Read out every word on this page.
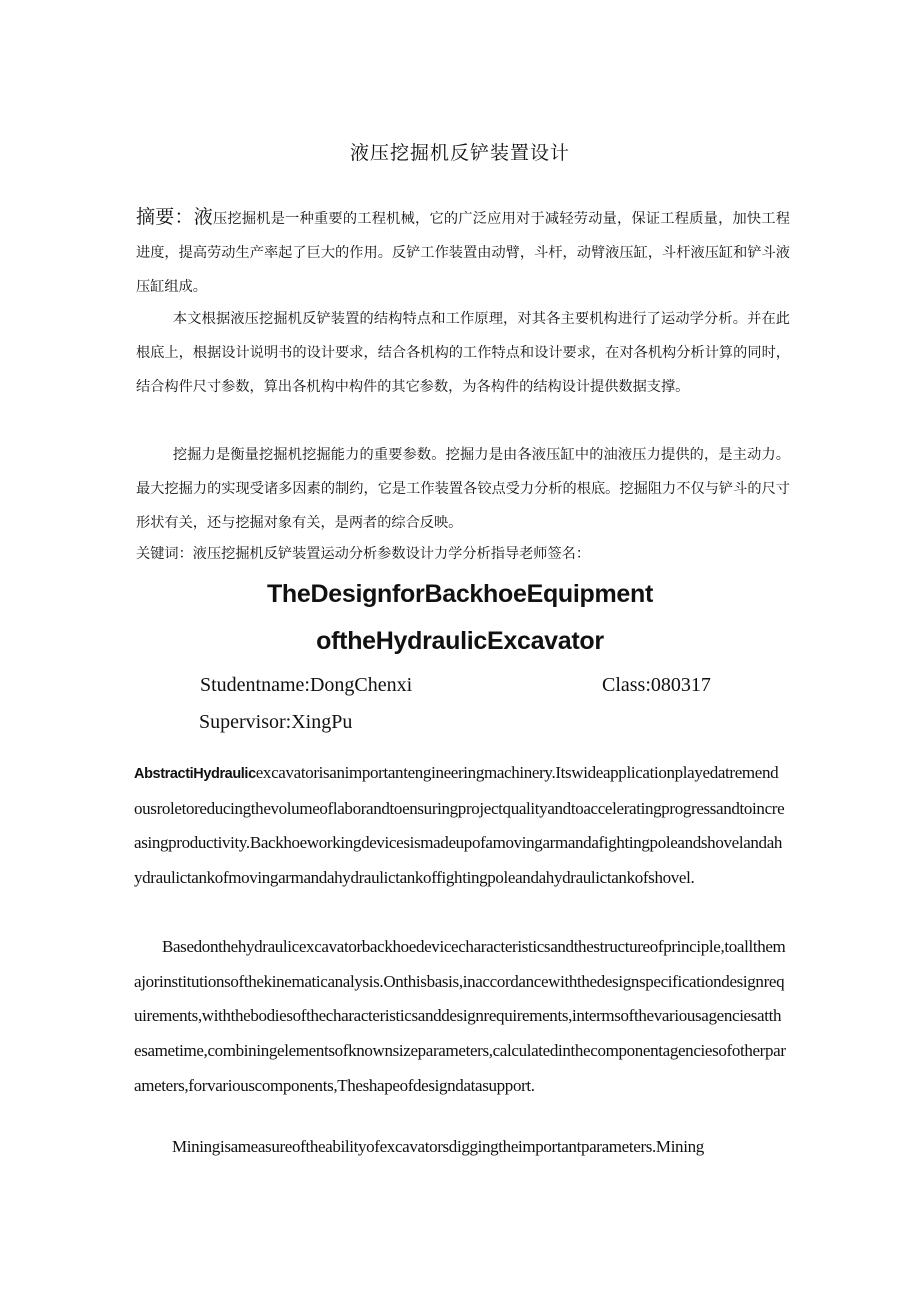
液压挖掘机反铲装置设计

摘要：液压挖掘机是一种重要的工程机械，它的广泛应用对于减轻劳动量，保证工程质量，加快工程进度，提高劳动生产率起了巨大的作用。反铲工作装置由动臂，斗杆，动臂液压缸，斗杆液压缸和铲斗液压缸组成。

本文根据液压挖掘机反铲装置的结构特点和工作原理，对其各主要机构进行了运动学分析。并在此根底上，根据设计说明书的设计要求，结合各机构的工作特点和设计要求，在对各机构分析计算的同时，结合构件尺寸参数，算出各机构中构件的其它参数，为各构件的结构设计提供数据支撑。

挖掘力是衡量挖掘机挖掘能力的重要参数。挖掘力是由各液压缸中的油液压力提供的，是主动力。最大挖掘力的实现受诸多因素的制约，它是工作装置各铰点受力分析的根底。挖掘阻力不仅与铲斗的尺寸形状有关，还与挖掘对象有关，是两者的综合反映。

关键词：液压挖掘机反铲装置运动分析参数设计力学分析指导老师签名：
TheDesignforBackhoeEquipment
oftheHydraulicExcavator
Studentname:DongChenxi	Class:080317
Supervisor:XingPu

AbstractiHydraulicexcavatorisanimportantengineeringmachinery.Itswideapplicationplayedatremendousroletoreducingthevolumeoflaborandtoensuringprojectqualityandtoacceleratingprogressandtoincreasingproductivity.Backhoeworkingdevicesismadeupofamovingarmandafightingpoleandshovelandahydraulictankofmovingarmandahydraulictankoffightingpoleandahydraulictankofshovel.

Basedonthehydraulicexcavatorbackhoedevicecharacteristicsandthestructureofprinciple,toallthemajorinstitutionsofthekinematicanalysis.Onthisbasis,inaccordancewiththedesignspecificationdesignrequirements,withthebodiesofthecharacteristicsanddesignrequirements,intermsofthevariousagenciesatthesametime,combiningelementsofknownsizeparameters,calculatedinthecomponentagenciesofotherparameters,forvariouscomponents,Theshapeofdesigndatasupport.

Miningisameasureoftheabilityofexcavatorsdiggingtheimportantparameters.Mining
